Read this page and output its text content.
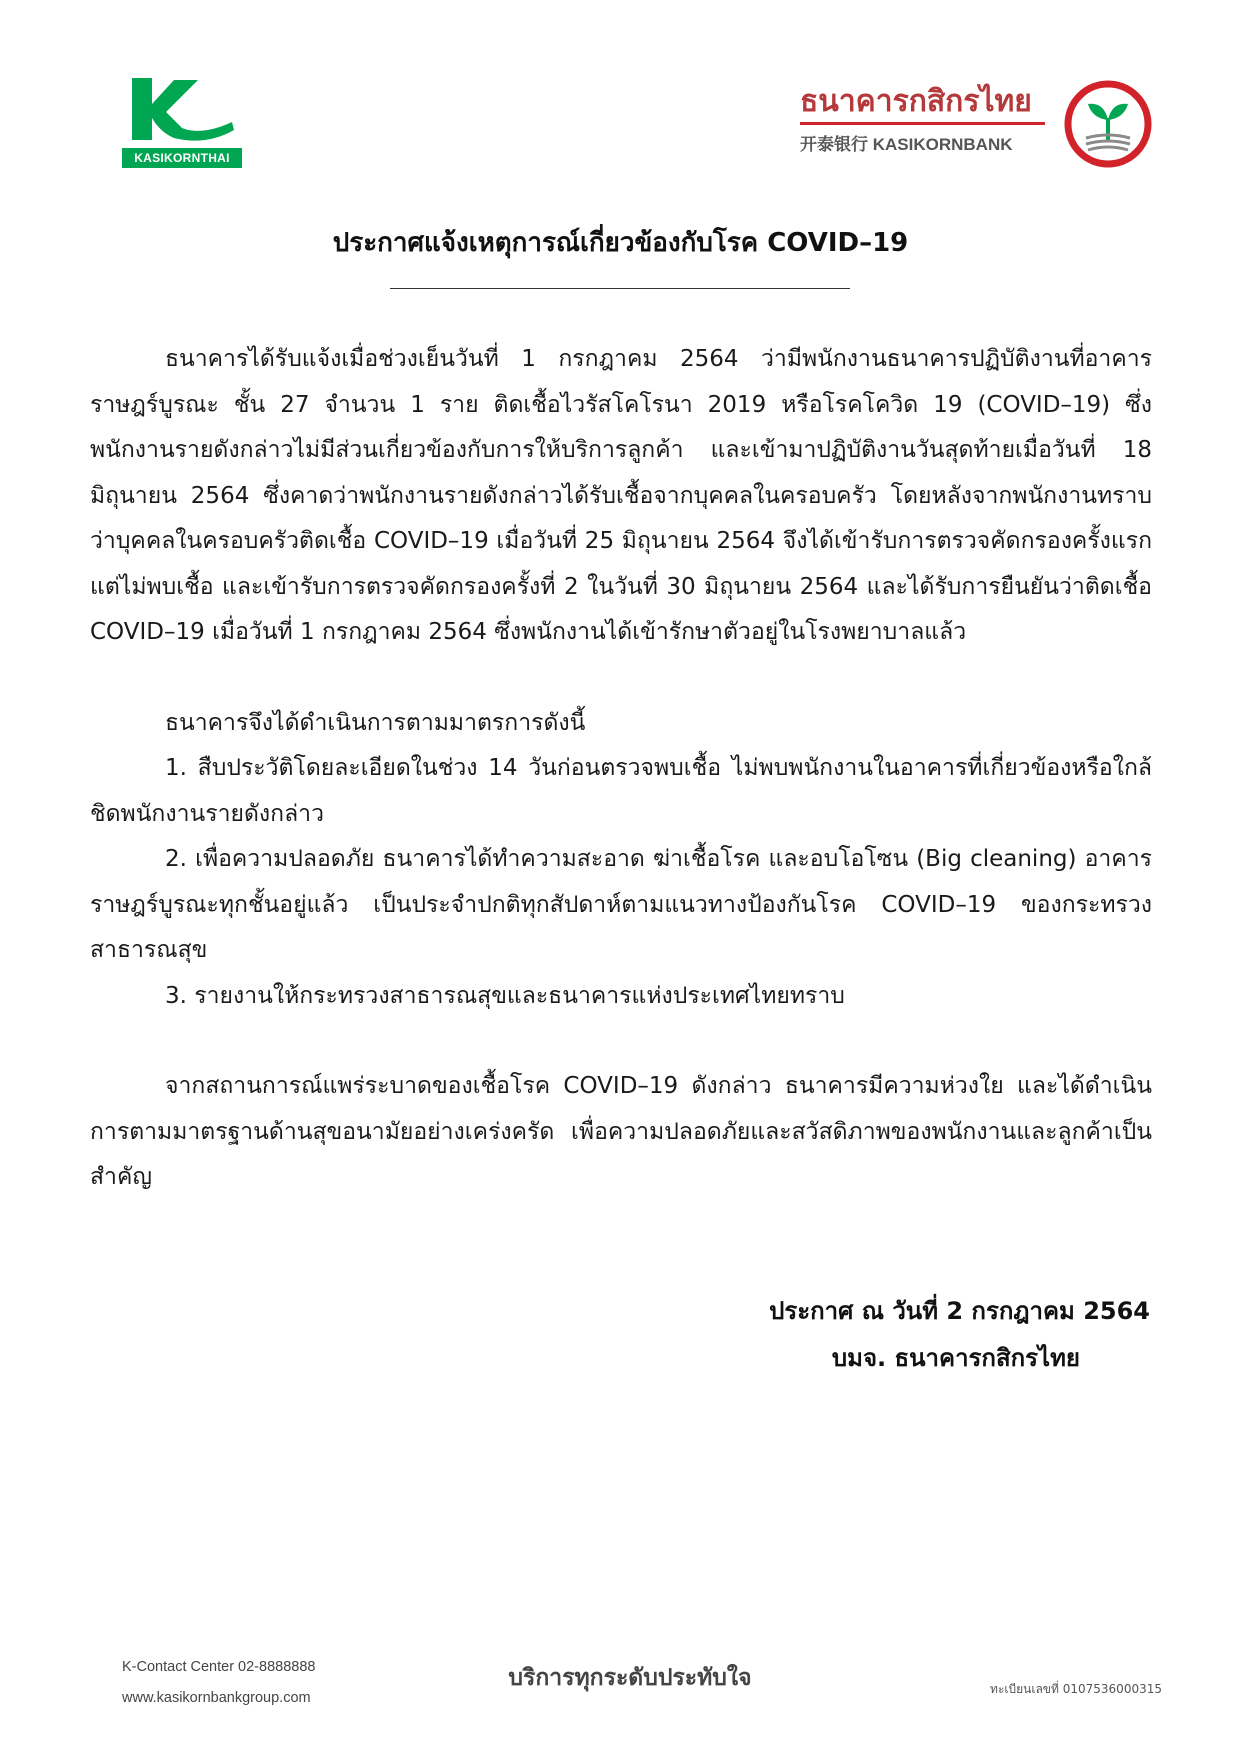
KASIKORNTHAI
ธนาคารกสิกรไทย
开泰银行 KASIKORNBANK
ประกาศแจ้งเหตุการณ์เกี่ยวข้องกับโรค COVID–19

ธนาคารได้รับแจ้งเมื่อช่วงเย็นวันที่ 1 กรกฎาคม 2564 ว่ามีพนักงานธนาคารปฏิบัติงานที่อาคารราษฎร์บูรณะ ชั้น 27 จำนวน 1 ราย ติดเชื้อไวรัสโคโรนา 2019 หรือโรคโควิด 19 (COVID–19) ซึ่งพนักงานรายดังกล่าวไม่มีส่วนเกี่ยวข้องกับการให้บริการลูกค้า และเข้ามาปฏิบัติงานวันสุดท้ายเมื่อวันที่ 18 มิถุนายน 2564 ซึ่งคาดว่าพนักงานรายดังกล่าวได้รับเชื้อจากบุคคลในครอบครัว โดยหลังจากพนักงานทราบว่าบุคคลในครอบครัวติดเชื้อ COVID–19 เมื่อวันที่ 25 มิถุนายน 2564 จึงได้เข้ารับการตรวจคัดกรองครั้งแรกแต่ไม่พบเชื้อ และเข้ารับการตรวจคัดกรองครั้งที่ 2 ในวันที่ 30 มิถุนายน 2564 และได้รับการยืนยันว่าติดเชื้อ COVID–19 เมื่อวันที่ 1 กรกฎาคม 2564 ซึ่งพนักงานได้เข้ารักษาตัวอยู่ในโรงพยาบาลแล้ว

ธนาคารจึงได้ดำเนินการตามมาตรการดังนี้

1. สืบประวัติโดยละเอียดในช่วง 14 วันก่อนตรวจพบเชื้อ ไม่พบพนักงานในอาคารที่เกี่ยวข้องหรือใกล้ชิดพนักงานรายดังกล่าว

2. เพื่อความปลอดภัย ธนาคารได้ทำความสะอาด ฆ่าเชื้อโรค และอบโอโซน (Big cleaning) อาคารราษฎร์บูรณะทุกชั้นอยู่แล้ว เป็นประจำปกติทุกสัปดาห์ตามแนวทางป้องกันโรค COVID–19 ของกระทรวงสาธารณสุข

3. รายงานให้กระทรวงสาธารณสุขและธนาคารแห่งประเทศไทยทราบ

จากสถานการณ์แพร่ระบาดของเชื้อโรค COVID–19 ดังกล่าว ธนาคารมีความห่วงใย และได้ดำเนินการตามมาตรฐานด้านสุขอนามัยอย่างเคร่งครัด เพื่อความปลอดภัยและสวัสดิภาพของพนักงานและลูกค้าเป็นสำคัญ

ประกาศ ณ วันที่ 2 กรกฎาคม 2564
บมจ. ธนาคารกสิกรไทย
K-Contact Center 02-8888888
www.kasikornbankgroup.com
บริการทุกระดับประทับใจ	ทะเบียนเลขที่ 0107536000315
